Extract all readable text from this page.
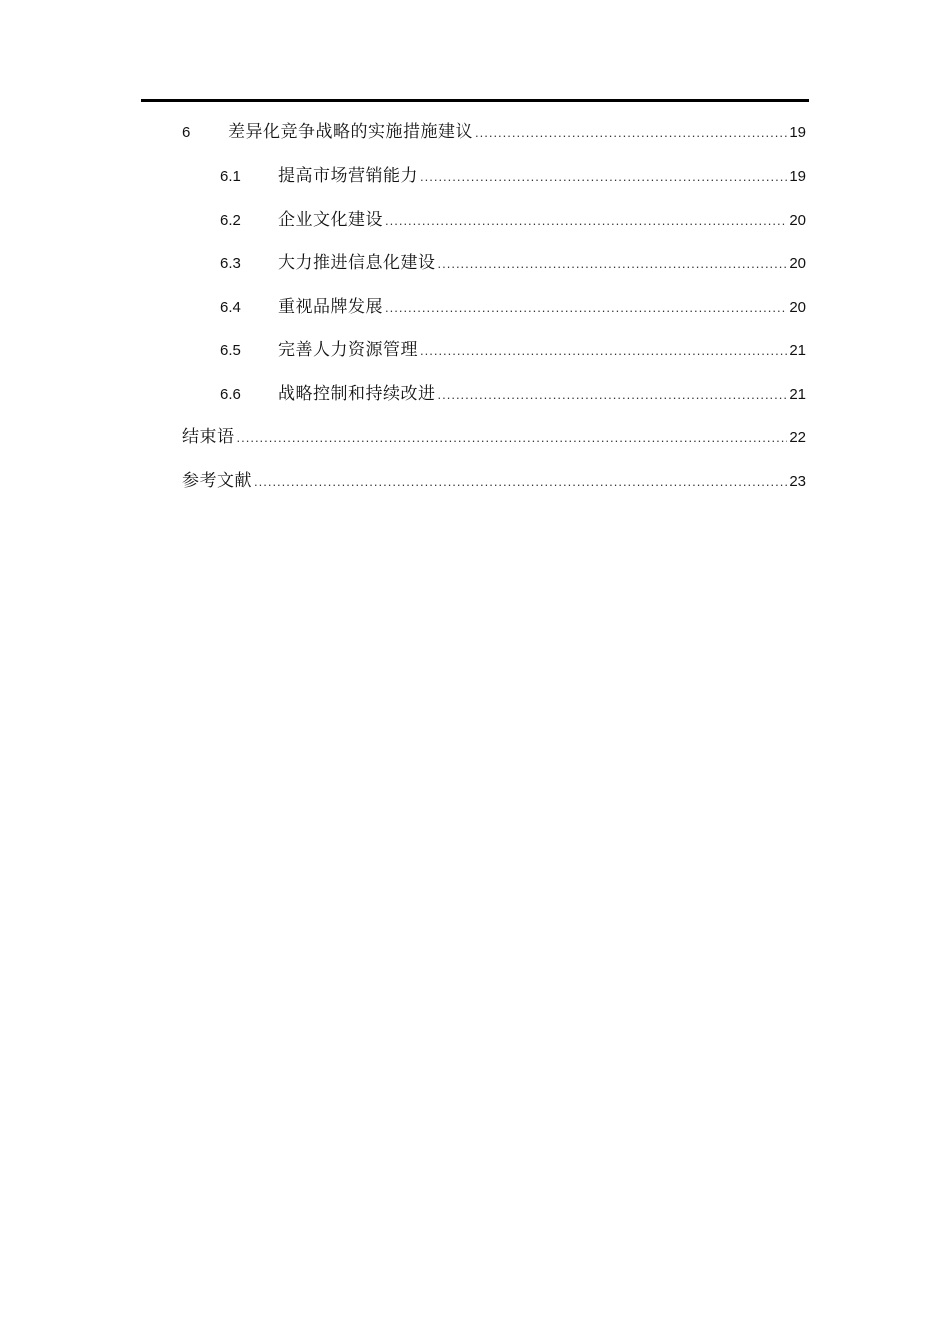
6	差异化竞争战略的实施措施建议 .....	19
6.1	提高市场营销能力 .....	19
6.2	企业文化建设 .....	20
6.3	大力推进信息化建设 .....	20
6.4	重视品牌发展 .....	20
6.5	完善人力资源管理 .....	21
6.6	战略控制和持续改进 .....	21
结束语 .....	22
参考文献 .....	23
